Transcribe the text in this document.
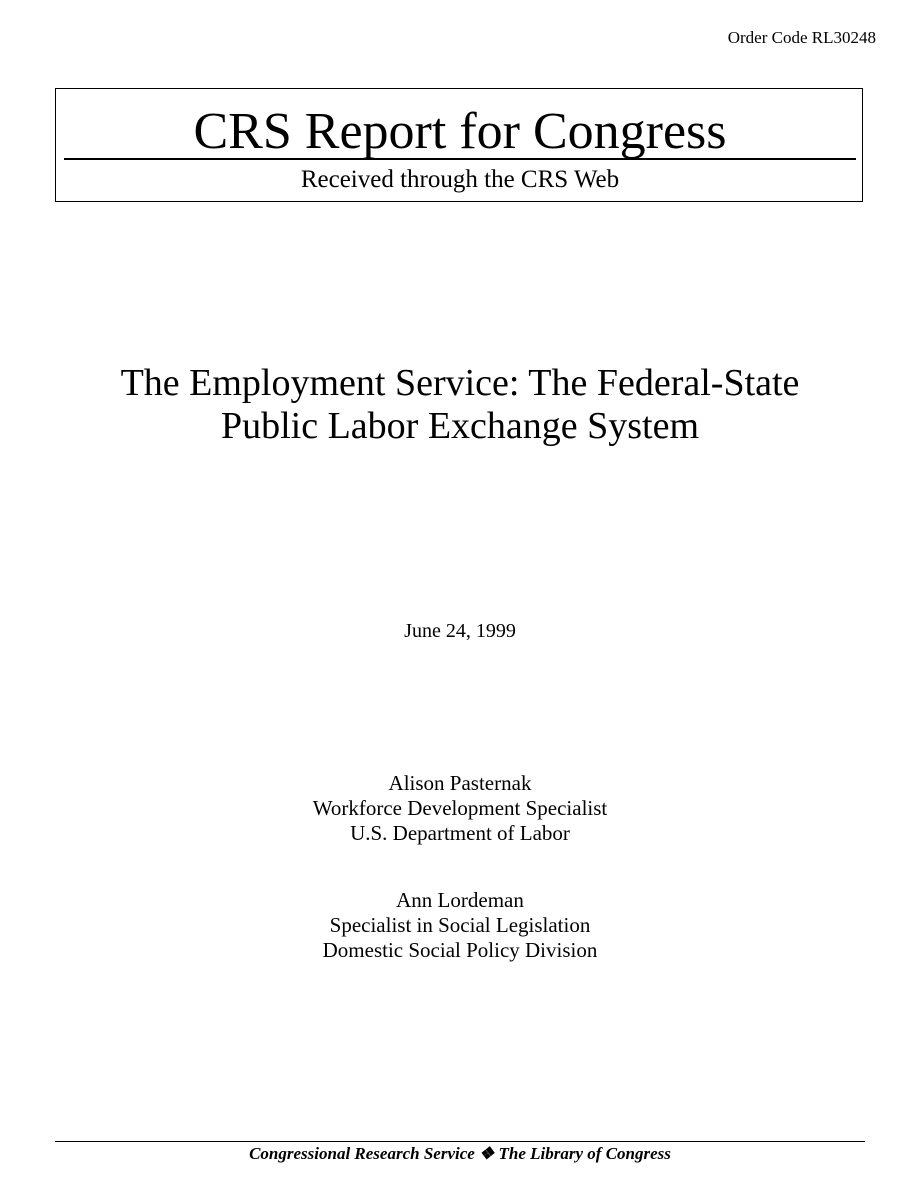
Order Code RL30248
CRS Report for Congress
Received through the CRS Web
The Employment Service: The Federal-State
Public Labor Exchange System
June 24, 1999
Alison Pasternak
Workforce Development Specialist
U.S. Department of Labor
Ann Lordeman
Specialist in Social Legislation
Domestic Social Policy Division
Congressional Research Service ❖ The Library of Congress
